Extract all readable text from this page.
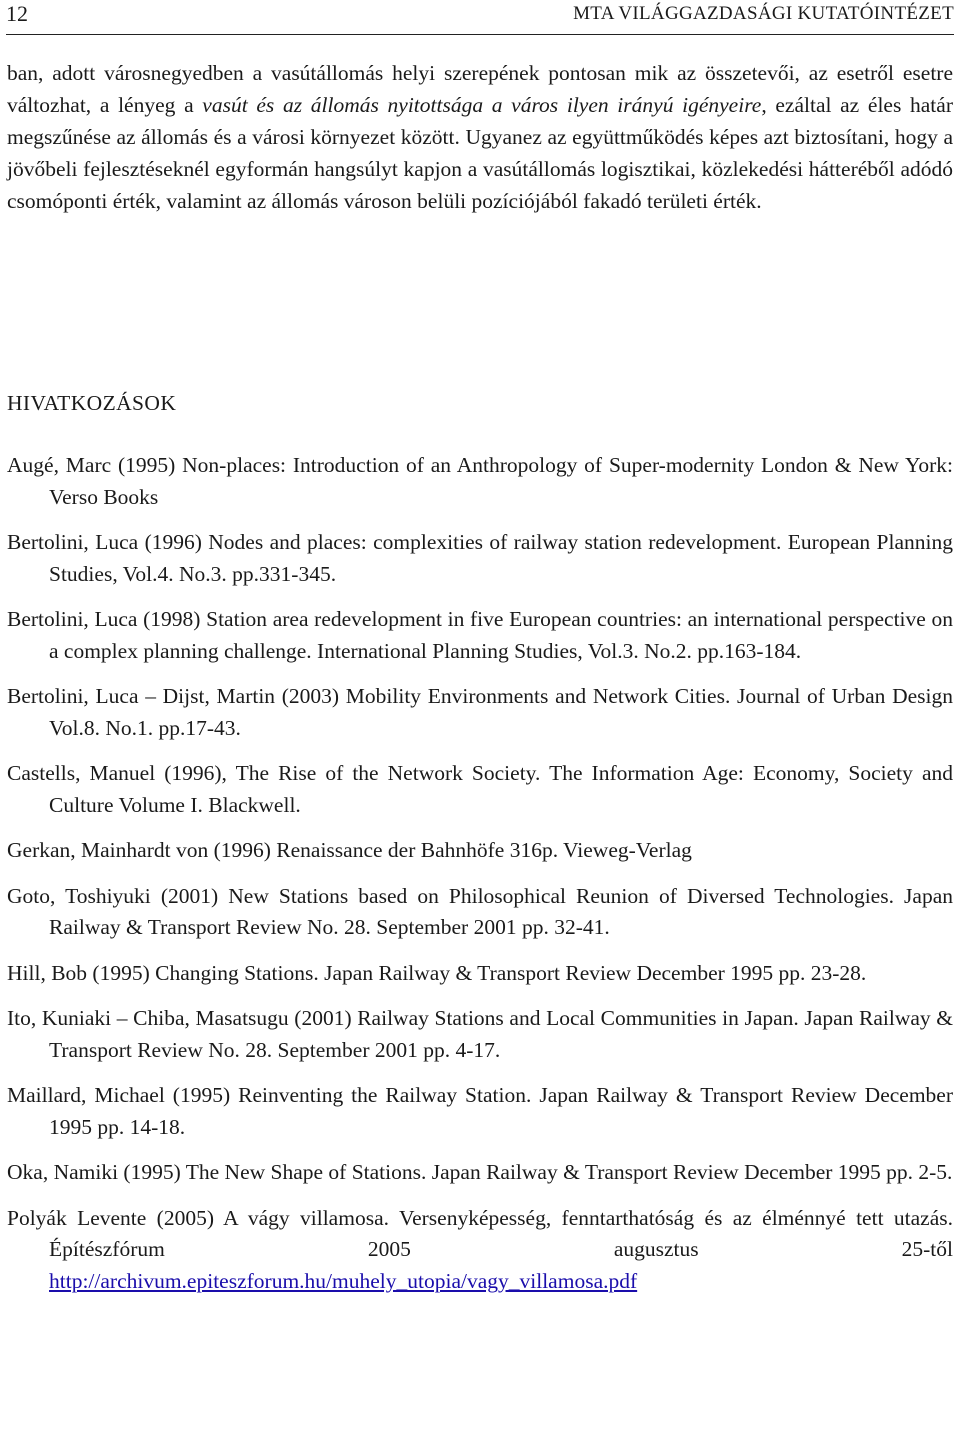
12	MTA VILÁGGAZDASÁGI KUTATÓINTÉZET

ban, adott városnegyedben a vasútállomás helyi szerepének pontosan mik az összetevői, az esetről esetre változhat, a lényeg a vasút és az állomás nyitottsága a város ilyen irányú igényeire, ezáltal az éles határ megszűnése az állomás és a városi környezet között. Ugyanez az együttműködés képes azt biztosítani, hogy a jövőbeli fejlesztéseknél egyformán hangsúlyt kapjon a vasútállomás logisztikai, közlekedési hátteréből adódó csomóponti érték, valamint az állomás városon belüli pozíciójából fakadó területi érték.

HIVATKOZÁSOK

Augé, Marc (1995) Non-places: Introduction of an Anthropology of Super-modernity London & New York: Verso Books

Bertolini, Luca (1996) Nodes and places: complexities of railway station redevelopment. European Planning Studies, Vol.4. No.3. pp.331-345.

Bertolini, Luca (1998) Station area redevelopment in five European countries: an international perspective on a complex planning challenge. International Planning Studies, Vol.3. No.2. pp.163-184.

Bertolini, Luca – Dijst, Martin (2003) Mobility Environments and Network Cities. Journal of Urban Design Vol.8. No.1. pp.17-43.

Castells, Manuel (1996), The Rise of the Network Society. The Information Age: Economy, Society and Culture Volume I. Blackwell.

Gerkan, Mainhardt von (1996) Renaissance der Bahnhöfe 316p. Vieweg-Verlag

Goto, Toshiyuki (2001) New Stations based on Philosophical Reunion of Diversed Technologies. Japan Railway & Transport Review No. 28. September 2001 pp. 32-41.

Hill, Bob (1995) Changing Stations. Japan Railway & Transport Review December 1995 pp. 23-28.

Ito, Kuniaki – Chiba, Masatsugu (2001) Railway Stations and Local Communities in Japan. Japan Railway & Transport Review No. 28. September 2001 pp. 4-17.

Maillard, Michael (1995) Reinventing the Railway Station. Japan Railway & Transport Review December 1995 pp. 14-18.

Oka, Namiki (1995) The New Shape of Stations. Japan Railway & Transport Review December 1995 pp. 2-5.

Polyák Levente (2005) A vágy villamosa. Versenyképesség, fenntarthatóság és az élménnyé tett utazás. Építészfórum 2005 augusztus 25-től http://archivum.epiteszforum.hu/muhely_utopia/vagy_villamosa.pdf
